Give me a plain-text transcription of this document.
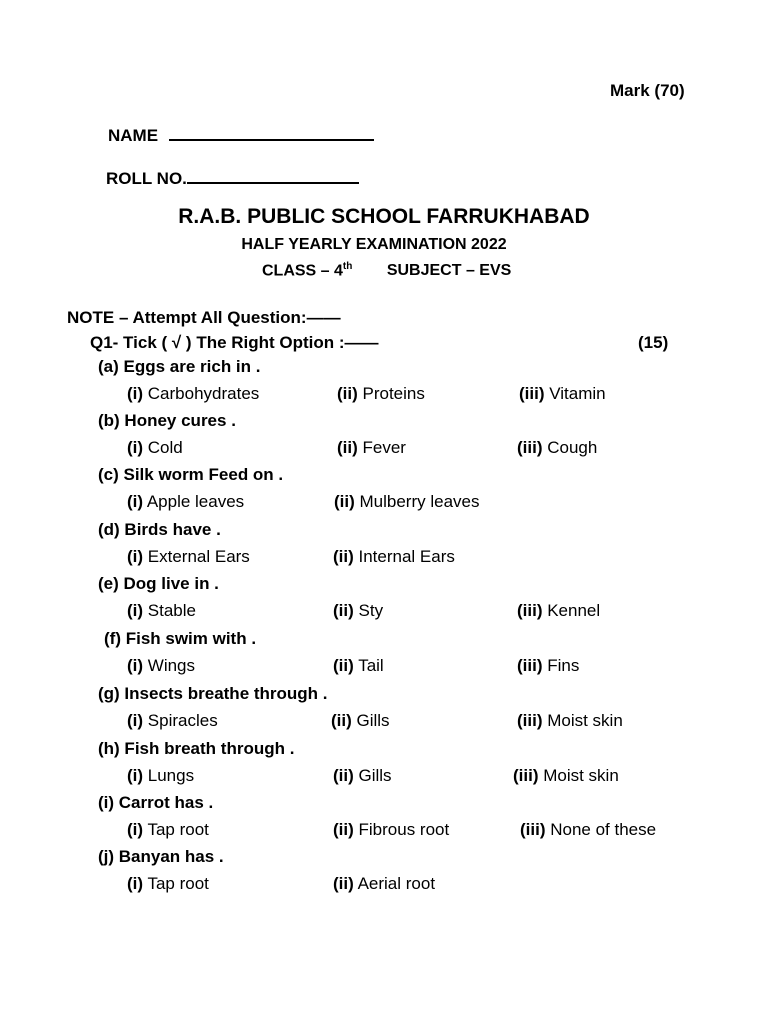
Mark (70)
NAME
ROLL NO.
R.A.B. PUBLIC SCHOOL FARRUKHABAD
HALF YEARLY EXAMINATION 2022
CLASS – 4th SUBJECT – EVS
NOTE – Attempt All Question:——
Q1- Tick ( √ ) The Right Option :——	(15)
(a) Eggs are rich in .
(i) Carbohydrates	(ii) Proteins	(iii) Vitamin
(b) Honey cures .
(i) Cold	(ii) Fever	(iii) Cough
(c) Silk worm Feed on .
(i) Apple leaves	(ii) Mulberry leaves
(d) Birds have .
(i) External Ears	(ii) Internal Ears
(e) Dog live in .
(i) Stable	(ii) Sty	(iii) Kennel
(f) Fish swim with .
(i) Wings	(ii) Tail	(iii) Fins
(g) Insects breathe through .
(i) Spiracles	(ii) Gills	(iii) Moist skin
(h) Fish breath through .
(i) Lungs	(ii) Gills	(iii) Moist skin
(i) Carrot has .
(i) Tap root	(ii) Fibrous root	(iii) None of these
(j) Banyan has .
(i) Tap root	(ii) Aerial root
